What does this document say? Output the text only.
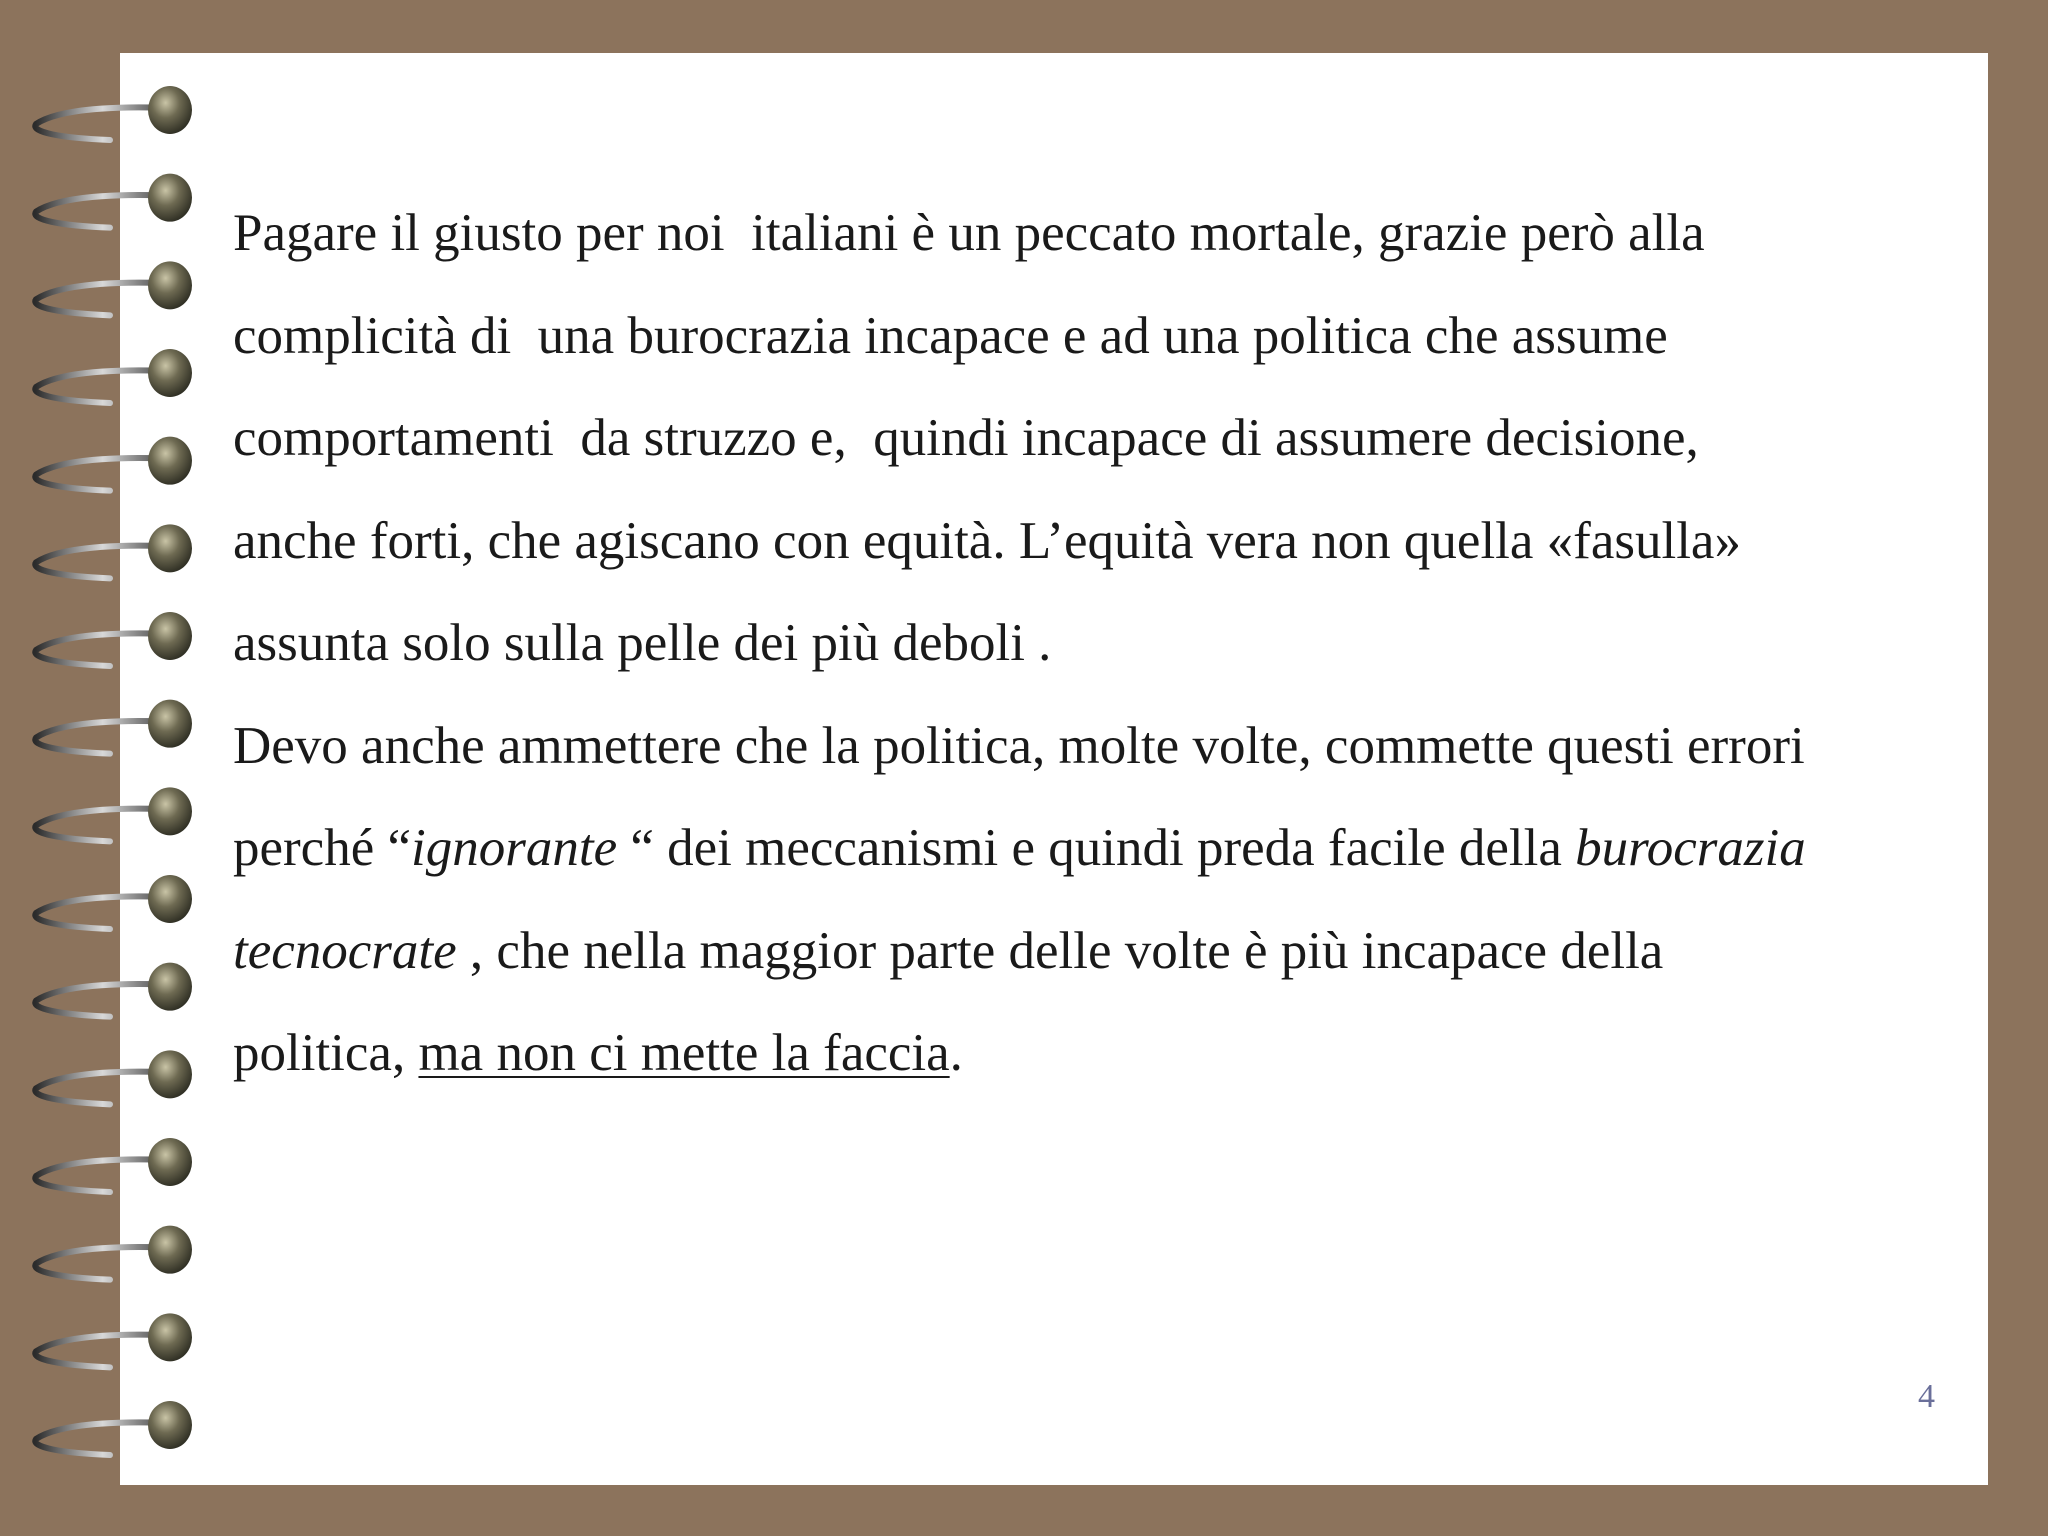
Pagare il giusto per noi  italiani è un peccato mortale, grazie però alla
complicità di  una burocrazia incapace e ad una politica che assume
comportamenti  da struzzo e,  quindi incapace di assumere decisione,
anche forti, che agiscano con equità. L’equità vera non quella «fasulla»
assunta solo sulla pelle dei più deboli .
Devo anche ammettere che la politica, molte volte, commette questi errori
perché “ignorante “ dei meccanismi e quindi preda facile della burocrazia
tecnocrate , che nella maggior parte delle volte è più incapace della
politica, ma non ci mette la faccia.
4
